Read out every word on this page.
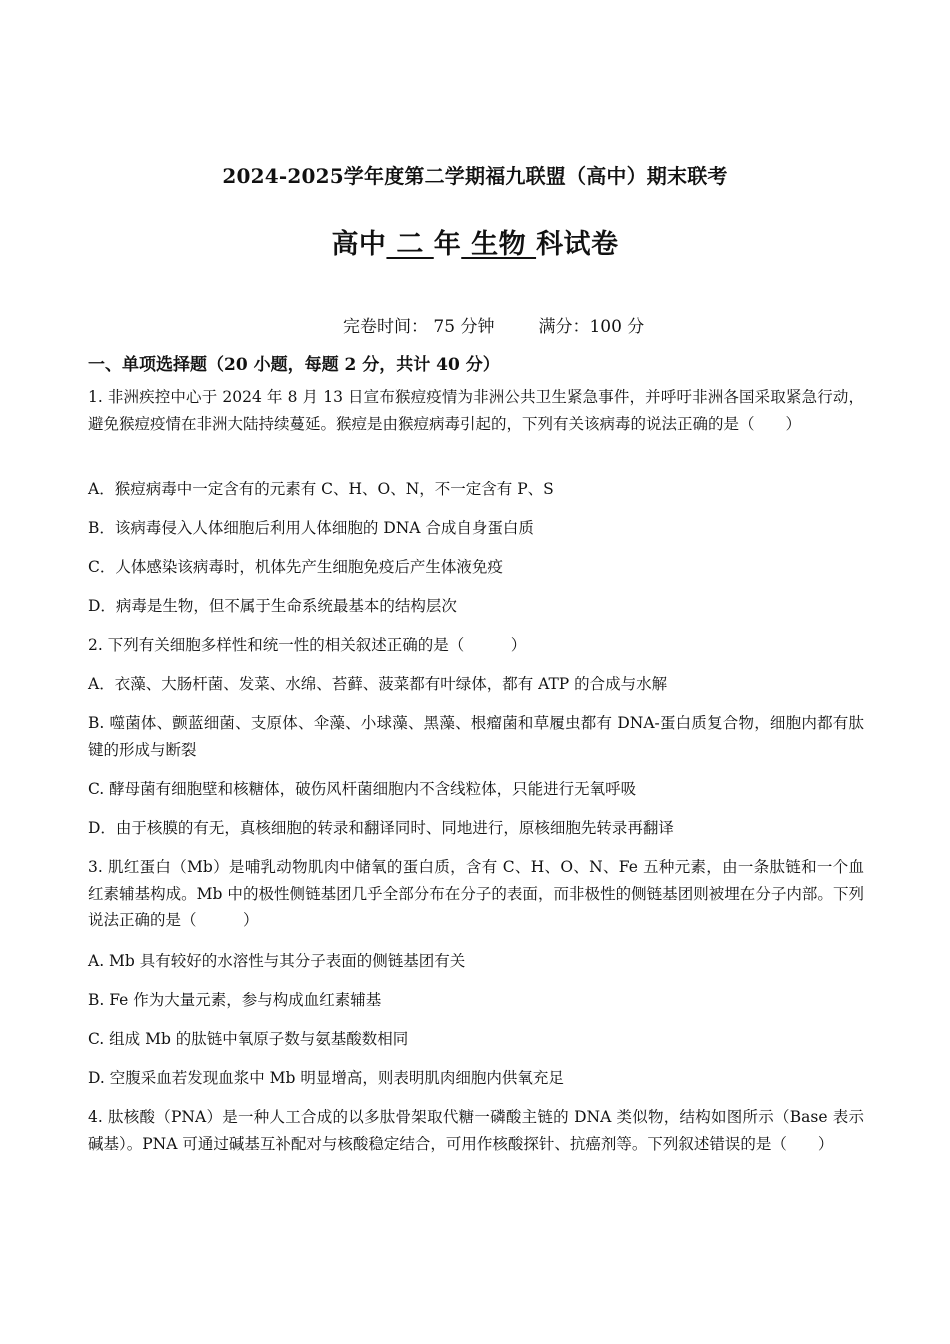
2024-2025学年度第二学期福九联盟（高中）期末联考
高中 二 年 生物 科试卷
完卷时间： 75 分钟	满分：100 分
一、单项选择题（20 小题，每题 2 分，共计 40 分）
1. 非洲疾控中心于 2024 年 8 月 13 日宣布猴痘疫情为非洲公共卫生紧急事件，并呼吁非洲各国采取紧急行动，避免猴痘疫情在非洲大陆持续蔓延。猴痘是由猴痘病毒引起的，下列有关该病毒的说法正确的是（　　）
A．猴痘病毒中一定含有的元素有 C、H、O、N，不一定含有 P、S
B．该病毒侵入人体细胞后利用人体细胞的 DNA 合成自身蛋白质
C．人体感染该病毒时，机体先产生细胞免疫后产生体液免疫
D．病毒是生物，但不属于生命系统最基本的结构层次
2. 下列有关细胞多样性和统一性的相关叙述正确的是（　　　）
A．衣藻、大肠杆菌、发菜、水绵、苔藓、菠菜都有叶绿体，都有 ATP 的合成与水解
B. 噬菌体、颤蓝细菌、支原体、伞藻、小球藻、黑藻、根瘤菌和草履虫都有 DNA-蛋白质复合物，细胞内都有肽键的形成与断裂
C. 酵母菌有细胞壁和核糖体，破伤风杆菌细胞内不含线粒体，只能进行无氧呼吸
D．由于核膜的有无，真核细胞的转录和翻译同时、同地进行，原核细胞先转录再翻译
3. 肌红蛋白（Mb）是哺乳动物肌肉中储氧的蛋白质，含有 C、H、O、N、Fe 五种元素，由一条肽链和一个血红素辅基构成。Mb 中的极性侧链基团几乎全部分布在分子的表面，而非极性的侧链基团则被埋在分子内部。下列说法正确的是（　　　）
A. Mb 具有较好的水溶性与其分子表面的侧链基团有关
B. Fe 作为大量元素，参与构成血红素辅基
C. 组成 Mb 的肽链中氧原子数与氨基酸数相同
D. 空腹采血若发现血浆中 Mb 明显增高，则表明肌肉细胞内供氧充足
4. 肽核酸（PNA）是一种人工合成的以多肽骨架取代糖一磷酸主链的 DNA 类似物，结构如图所示（Base 表示碱基）。PNA 可通过碱基互补配对与核酸稳定结合，可用作核酸探针、抗癌剂等。下列叙述错误的是（　　）
